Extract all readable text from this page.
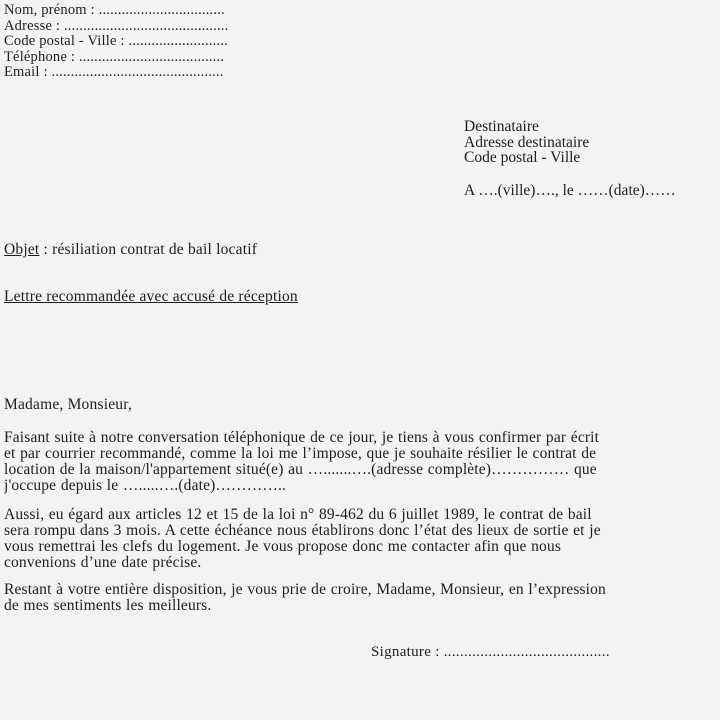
Nom, prénom : .................................
Adresse : ...........................................
Code postal - Ville : ..........................
Téléphone : ......................................
Email : .............................................
Destinataire
Adresse destinataire
Code postal - Ville
A ….(ville)…., le ……(date)……
Objet : résiliation contrat de bail locatif
Lettre recommandée avec accusé de réception
Madame, Monsieur,
Faisant suite à notre conversation téléphonique de ce jour, je tiens à vous confirmer par écrit
et par courrier recommandé, comme la loi me l’impose, que je souhaite résilier le contrat de
location de la maison/l'appartement situé(e) au ….......….(adresse complète)…………… que
j'occupe depuis le ….....….(date)…………..
Aussi, eu égard aux articles 12 et 15 de la loi n° 89-462 du 6 juillet 1989, le contrat de bail
sera rompu dans 3 mois. A cette échéance nous établirons donc l’état des lieux de sortie et je
vous remettrai les clefs du logement. Je vous propose donc me contacter afin que nous
convenions d’une date précise.
Restant à votre entière disposition, je vous prie de croire, Madame, Monsieur, en l’expression
de mes sentiments les meilleurs.
Signature : .........................................
